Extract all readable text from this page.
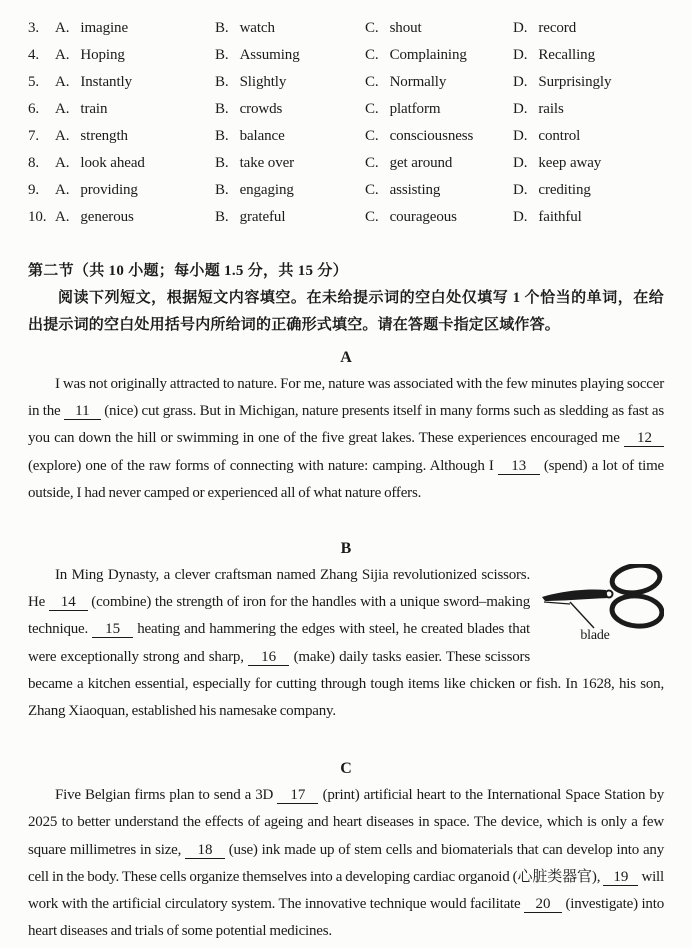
3.	A. imagine	B. watch	C. shout	D. record
4.	A. Hoping	B. Assuming	C. Complaining	D. Recalling
5.	A. Instantly	B. Slightly	C. Normally	D. Surprisingly
6.	A. train	B. crowds	C. platform	D. rails
7.	A. strength	B. balance	C. consciousness	D. control
8.	A. look ahead	B. take over	C. get around	D. keep away
9.	A. providing	B. engaging	C. assisting	D. crediting
10. A. generous	B. grateful	C. courageous	D. faithful
第二节（共 10 小题；每小题 1.5 分，共 15 分）
阅读下列短文，根据短文内容填空。在未给提示词的空白处仅填写 1 个恰当的单词，在给出提示词的空白处用括号内所给词的正确形式填空。请在答题卡指定区域作答。
A
I was not originally attracted to nature. For me, nature was associated with the few minutes playing soccer in the    11    (nice) cut grass. But in Michigan, nature presents itself in many forms such as sledding as fast as you can down the hill or swimming in one of the five great lakes. These experiences encouraged me    12    (explore) one of the raw forms of connecting with nature: camping. Although I    13    (spend) a lot of time outside, I had never camped or experienced all of what nature offers.
B
blade
In Ming Dynasty, a clever craftsman named Zhang Sijia revolutionized scissors. He    14    (combine) the strength of iron for the handles with a unique sword–making technique.    15    heating and hammering the edges with steel, he created blades that were exceptionally strong and sharp,    16    (make) daily tasks easier. These scissors became a kitchen essential, especially for cutting through tough items like chicken or fish. In 1628, his son, Zhang Xiaoquan, established his namesake company.
C
Five Belgian firms plan to send a 3D    17    (print) artificial heart to the International Space Station by 2025 to better understand the effects of ageing and heart diseases in space. The device, which is only a few square millimetres in size,    18    (use) ink made up of stem cells and biomaterials that can develop into any cell in the body. These cells organize themselves into a developing cardiac organoid (心脏类器官),    19    will work with the artificial circulatory system. The innovative technique would facilitate    20    (investigate) into heart diseases and trials of some potential medicines.
